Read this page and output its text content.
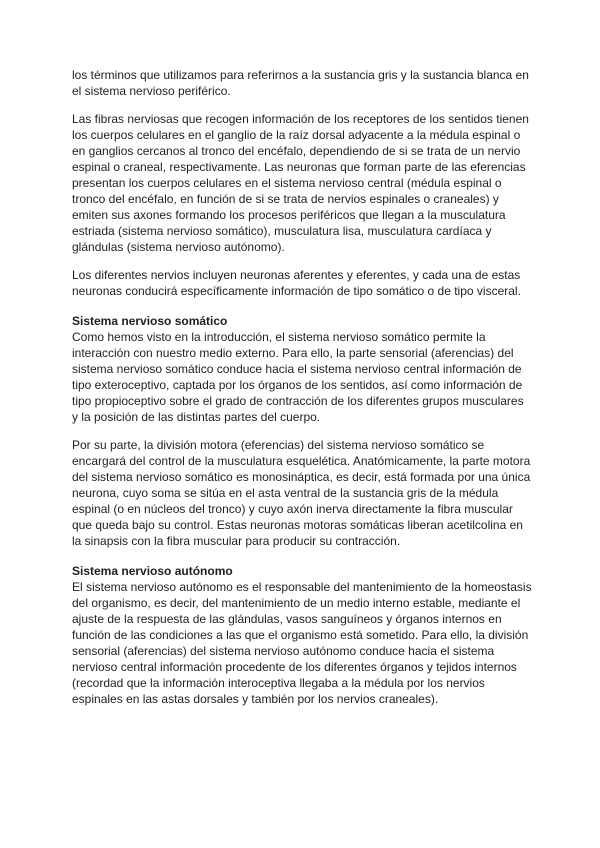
los términos que utilizamos para referirnos a la sustancia gris y la sustancia blanca en el sistema nervioso periférico.

Las fibras nerviosas que recogen información de los receptores de los sentidos tienen los cuerpos celulares en el ganglio de la raíz dorsal adyacente a la médula espinal o en ganglios cercanos al tronco del encéfalo, dependiendo de si se trata de un nervio espinal o craneal, respectivamente. Las neuronas que forman parte de las eferencias presentan los cuerpos celulares en el sistema nervioso central (médula espinal o tronco del encéfalo, en función de si se trata de nervios espinales o craneales) y emiten sus axones formando los procesos periféricos que llegan a la musculatura estriada (sistema nervioso somático), musculatura lisa, musculatura cardíaca y glándulas (sistema nervioso autónomo).

Los diferentes nervios incluyen neuronas aferentes y eferentes, y cada una de estas neuronas conducirá específicamente información de tipo somático o de tipo visceral.

Sistema nervioso somático

Como hemos visto en la introducción, el sistema nervioso somático permite la interacción con nuestro medio externo. Para ello, la parte sensorial (aferencias) del sistema nervioso somático conduce hacia el sistema nervioso central información de tipo exteroceptivo, captada por los órganos de los sentidos, así como información de tipo propioceptivo sobre el grado de contracción de los diferentes grupos musculares y la posición de las distintas partes del cuerpo.

Por su parte, la división motora (eferencias) del sistema nervioso somático se encargará del control de la musculatura esquelética. Anatómicamente, la parte motora del sistema nervioso somático es monosináptica, es decir, está formada por una única neurona, cuyo soma se sitúa en el asta ventral de la sustancia gris de la médula espinal (o en núcleos del tronco) y cuyo axón inerva directamente la fibra muscular que queda bajo su control. Estas neuronas motoras somáticas liberan acetilcolina en la sinapsis con la fibra muscular para producir su contracción.

Sistema nervioso autónomo

El sistema nervioso autónomo es el responsable del mantenimiento de la homeostasis del organismo, es decir, del mantenimiento de un medio interno estable, mediante el ajuste de la respuesta de las glándulas, vasos sanguíneos y órganos internos en función de las condiciones a las que el organismo está sometido. Para ello, la división sensorial (aferencias) del sistema nervioso autónomo conduce hacia el sistema nervioso central información procedente de los diferentes órganos y tejidos internos (recordad que la información interoceptiva llegaba a la médula por los nervios espinales en las astas dorsales y también por los nervios craneales).
